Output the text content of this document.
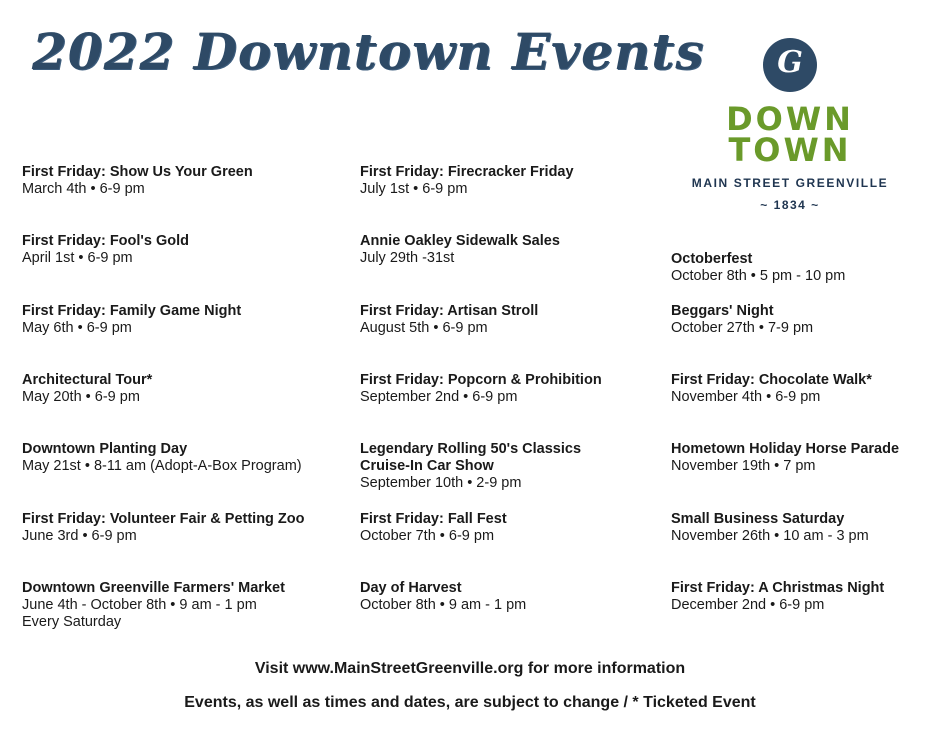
2022 Downtown Events	G
DOWN
TOWN
MAIN STREET GREENVILLE
~ 1834 ~
First Friday: Show Us Your Green
March 4th • 6-9 pm
First Friday: Fool's Gold
April 1st • 6-9 pm
First Friday: Family Game Night
May 6th • 6-9 pm
Architectural Tour*
May 20th • 6-9 pm
Downtown Planting Day
May 21st • 8-11 am (Adopt-A-Box Program)
First Friday: Volunteer Fair & Petting Zoo
June 3rd • 6-9 pm
Downtown Greenville Farmers' Market
June 4th - October 8th • 9 am - 1 pm
Every Saturday
First Friday: Firecracker Friday
July 1st • 6-9 pm
Annie Oakley Sidewalk Sales
July 29th -31st
First Friday: Artisan Stroll
August 5th • 6-9 pm
First Friday: Popcorn & Prohibition
September 2nd • 6-9 pm
Legendary Rolling 50's Classics
Cruise-In Car Show
September 10th • 2-9 pm
First Friday: Fall Fest
October 7th • 6-9 pm
Day of Harvest
October 8th • 9 am - 1 pm
Octoberfest
October 8th • 5 pm - 10 pm
Beggars' Night
October 27th • 7-9 pm
First Friday: Chocolate Walk*
November 4th • 6-9 pm
Hometown Holiday Horse Parade
November 19th • 7 pm
Small Business Saturday
November 26th • 10 am - 3 pm
First Friday: A Christmas Night
December 2nd • 6-9 pm
Visit www.MainStreetGreenville.org for more information
Events, as well as times and dates, are subject to change / * Ticketed Event
